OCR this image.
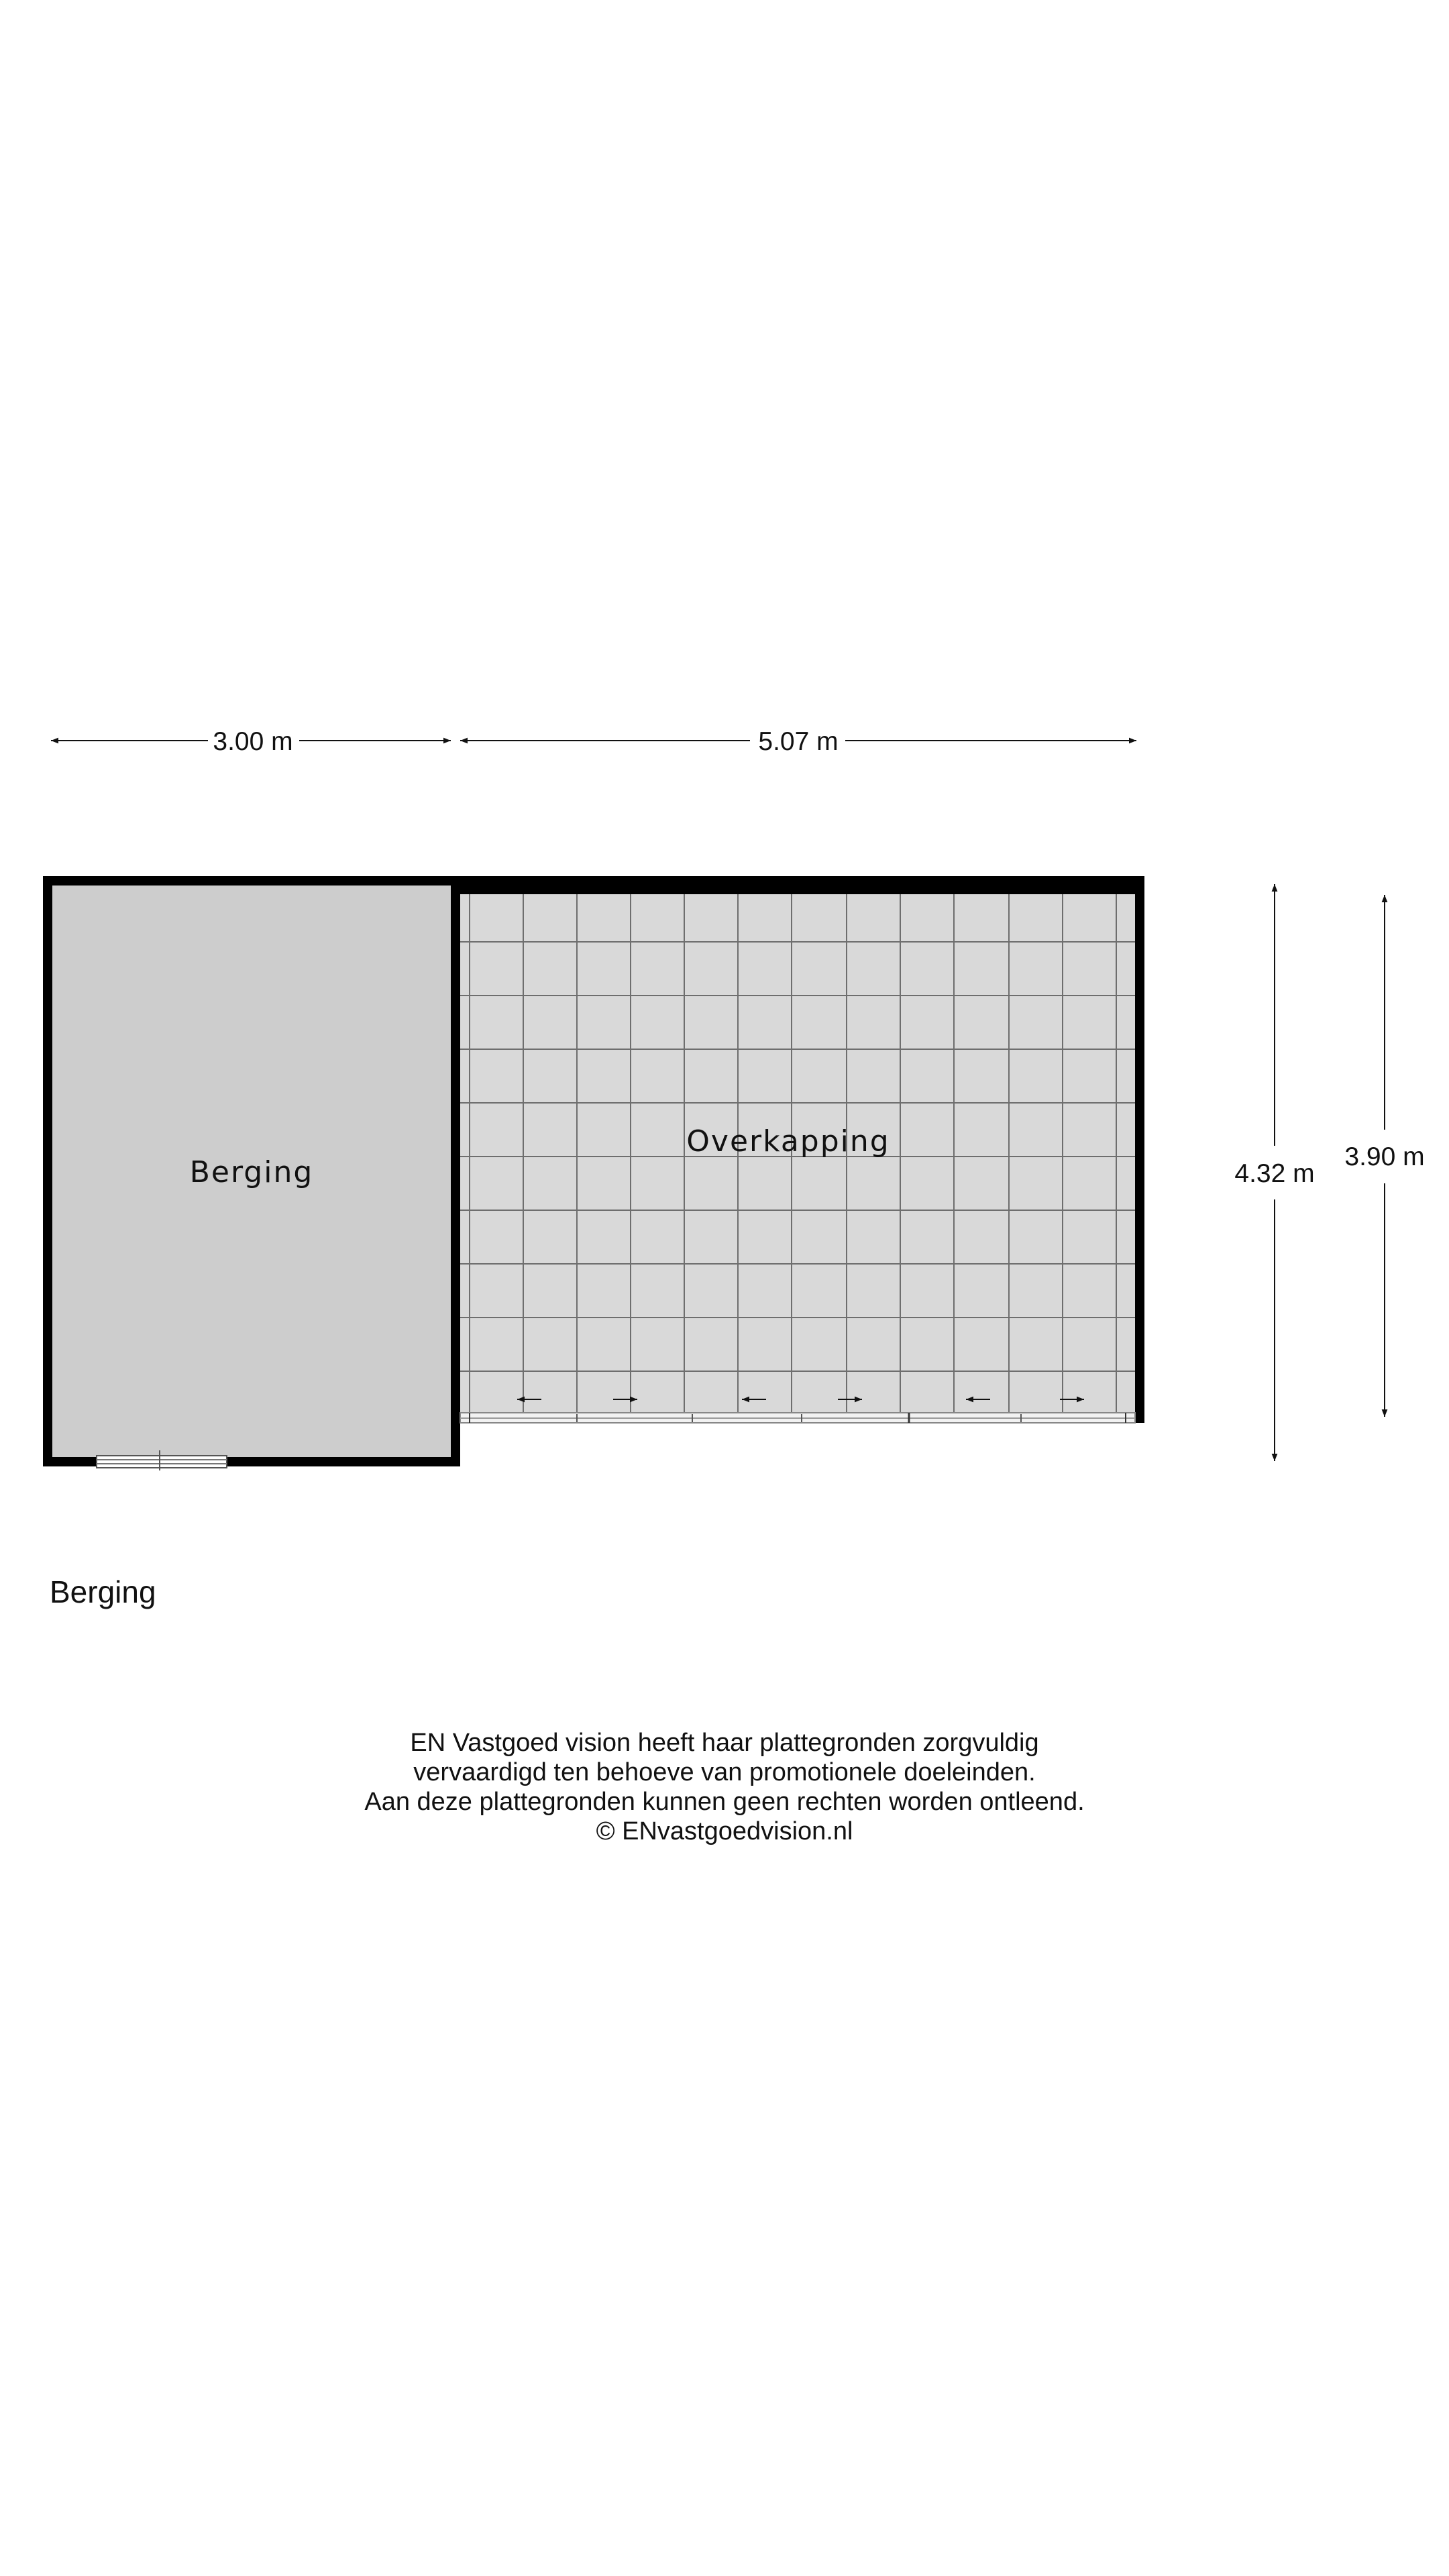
Berging
Overkapping
3.00 m	5.07 m
4.32 m
3.90 m
Berging
EN Vastgoed vision heeft haar plattegronden zorgvuldig
vervaardigd ten behoeve van promotionele doeleinden.
Aan deze plattegronden kunnen geen rechten worden ontleend.
© ENvastgoedvision.nl
